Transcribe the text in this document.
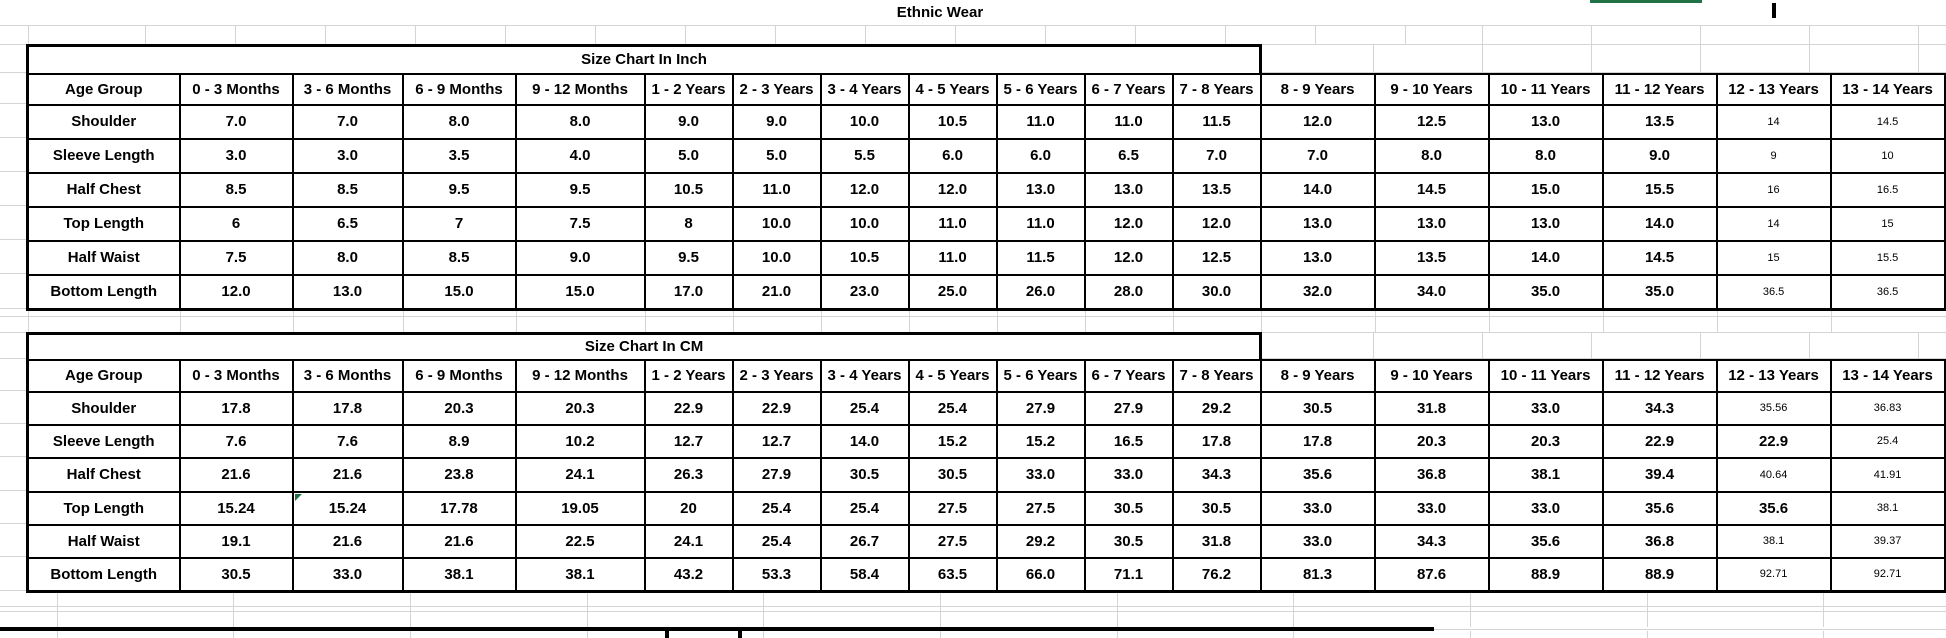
Ethnic Wear
Size Chart In Inch																	
Age Group	0 - 3 Months	3 - 6 Months	6 - 9 Months	9 - 12 Months	1 - 2 Years	2 - 3 Years	3 - 4 Years	4 - 5 Years	5 - 6 Years	6 - 7 Years	7 - 8 Years	8 - 9 Years	9 - 10 Years	10 - 11 Years	11 - 12 Years	12 - 13 Years	13 - 14 Years
Shoulder	7.0	7.0	8.0	8.0	9.0	9.0	10.0	10.5	11.0	11.0	11.5	12.0	12.5	13.0	13.5	14	14.5
Sleeve Length	3.0	3.0	3.5	4.0	5.0	5.0	5.5	6.0	6.0	6.5	7.0	7.0	8.0	8.0	9.0	9	10
Half Chest	8.5	8.5	9.5	9.5	10.5	11.0	12.0	12.0	13.0	13.0	13.5	14.0	14.5	15.0	15.5	16	16.5
Top Length	6	6.5	7	7.5	8	10.0	10.0	11.0	11.0	12.0	12.0	13.0	13.0	13.0	14.0	14	15
Half Waist	7.5	8.0	8.5	9.0	9.5	10.0	10.5	11.0	11.5	12.0	12.5	13.0	13.5	14.0	14.5	15	15.5
Bottom Length	12.0	13.0	15.0	15.0	17.0	21.0	23.0	25.0	26.0	28.0	30.0	32.0	34.0	35.0	35.0	36.5	36.5
Size Chart In CM																	
Age Group	0 - 3 Months	3 - 6 Months	6 - 9 Months	9 - 12 Months	1 - 2 Years	2 - 3 Years	3 - 4 Years	4 - 5 Years	5 - 6 Years	6 - 7 Years	7 - 8 Years	8 - 9 Years	9 - 10 Years	10 - 11 Years	11 - 12 Years	12 - 13 Years	13 - 14 Years
Shoulder	17.8	17.8	20.3	20.3	22.9	22.9	25.4	25.4	27.9	27.9	29.2	30.5	31.8	33.0	34.3	35.56	36.83
Sleeve Length	7.6	7.6	8.9	10.2	12.7	12.7	14.0	15.2	15.2	16.5	17.8	17.8	20.3	20.3	22.9	22.9	25.4
Half Chest	21.6	21.6	23.8	24.1	26.3	27.9	30.5	30.5	33.0	33.0	34.3	35.6	36.8	38.1	39.4	40.64	41.91
Top Length	15.24	15.24	17.78	19.05	20	25.4	25.4	27.5	27.5	30.5	30.5	33.0	33.0	33.0	35.6	35.6	38.1
Half Waist	19.1	21.6	21.6	22.5	24.1	25.4	26.7	27.5	29.2	30.5	31.8	33.0	34.3	35.6	36.8	38.1	39.37
Bottom Length	30.5	33.0	38.1	38.1	43.2	53.3	58.4	63.5	66.0	71.1	76.2	81.3	87.6	88.9	88.9	92.71	92.71
